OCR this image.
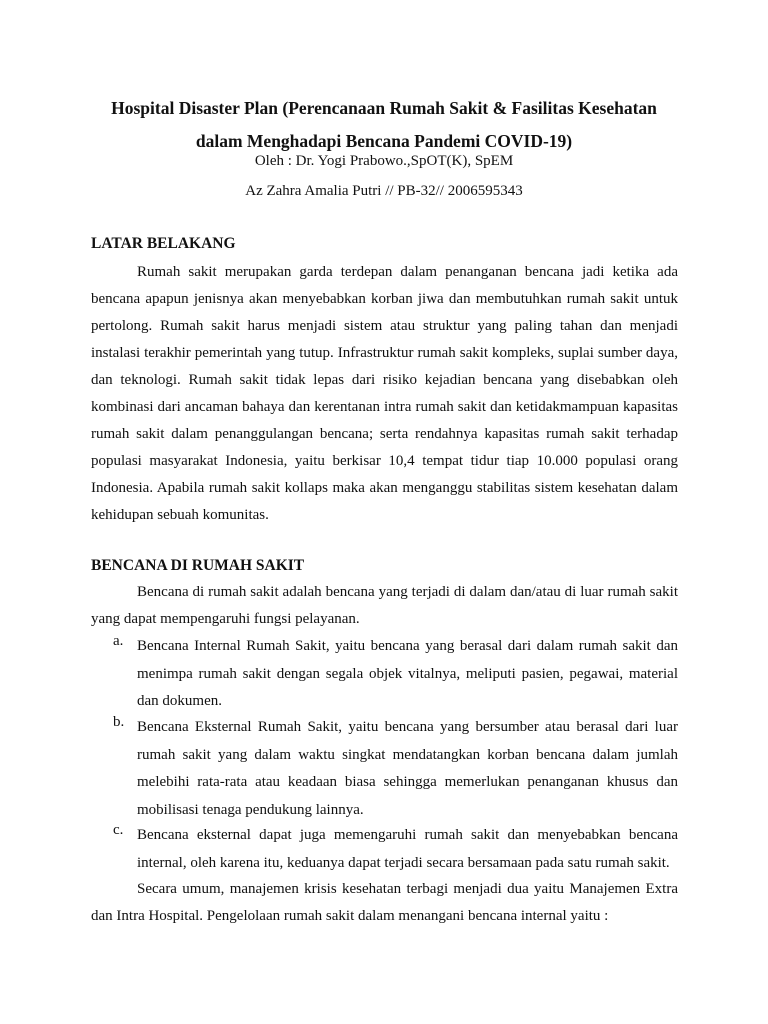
Hospital Disaster Plan (Perencanaan Rumah Sakit & Fasilitas Kesehatan
dalam Menghadapi Bencana Pandemi COVID-19)
Oleh : Dr. Yogi Prabowo.,SpOT(K), SpEM
Az Zahra Amalia Putri // PB-32// 2006595343
LATAR BELAKANG

Rumah sakit merupakan garda terdepan dalam penanganan bencana jadi ketika ada bencana apapun jenisnya akan menyebabkan korban jiwa dan membutuhkan rumah sakit untuk pertolong. Rumah sakit harus menjadi sistem atau struktur yang paling tahan dan menjadi instalasi terakhir pemerintah yang tutup. Infrastruktur rumah sakit kompleks, suplai sumber daya, dan teknologi. Rumah sakit tidak lepas dari risiko kejadian bencana yang disebabkan oleh kombinasi dari ancaman bahaya dan kerentanan intra rumah sakit dan ketidakmampuan kapasitas rumah sakit dalam penanggulangan bencana; serta rendahnya kapasitas rumah sakit terhadap populasi masyarakat Indonesia, yaitu berkisar 10,4 tempat tidur tiap 10.000 populasi orang Indonesia. Apabila rumah sakit kollaps maka akan menganggu stabilitas sistem kesehatan dalam kehidupan sebuah komunitas.

BENCANA DI RUMAH SAKIT

Bencana di rumah sakit adalah bencana yang terjadi di dalam dan/atau di luar rumah sakit yang dapat mempengaruhi fungsi pelayanan.

a. Bencana Internal Rumah Sakit, yaitu bencana yang berasal dari dalam rumah sakit dan menimpa rumah sakit dengan segala objek vitalnya, meliputi pasien, pegawai, material dan dokumen.
b. Bencana Eksternal Rumah Sakit, yaitu bencana yang bersumber atau berasal dari luar rumah sakit yang dalam waktu singkat mendatangkan korban bencana dalam jumlah melebihi rata-rata atau keadaan biasa sehingga memerlukan penanganan khusus dan mobilisasi tenaga pendukung lainnya.
c. Bencana eksternal dapat juga memengaruhi rumah sakit dan menyebabkan bencana internal, oleh karena itu, keduanya dapat terjadi secara bersamaan pada satu rumah sakit.

Secara umum, manajemen krisis kesehatan terbagi menjadi dua yaitu Manajemen Extra dan Intra Hospital. Pengelolaan rumah sakit dalam menangani bencana internal yaitu :
